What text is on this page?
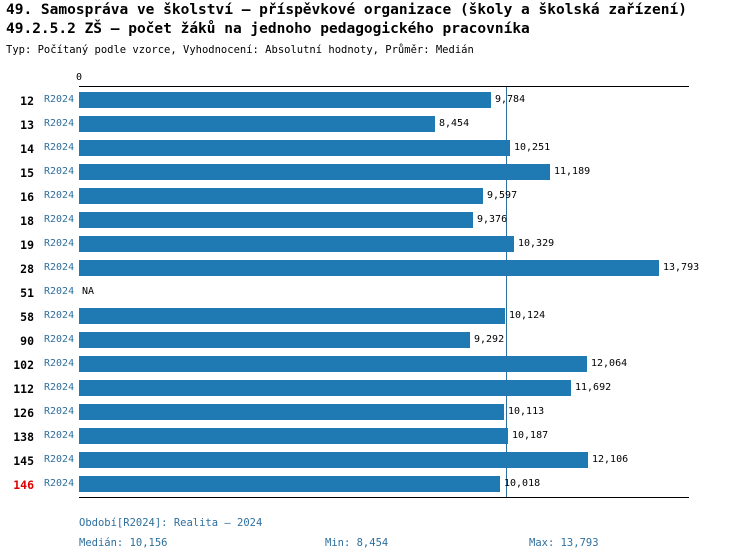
49. Samospráva ve školství – příspěvkové organizace (školy a školská zařízení)
49.2.5.2 ZŠ – počet žáků na jednoho pedagogického pracovníka
Typ: Počítaný podle vzorce, Vyhodnocení: Absolutní hodnoty, Průměr: Medián
0
12 R2024	9,784
13 R2024	8,454
14 R2024	10,251
15 R2024	11,189
16 R2024	9,597
18 R2024	9,376
19 R2024	10,329
28 R2024	13,793
51 R2024 NA
58 R2024	10,124
90 R2024	9,292
102 R2024	12,064
112 R2024	11,692
126 R2024	10,113
138 R2024	10,187
145 R2024	12,106
146 R2024	10,018
Období[R2024]: Realita – 2024
Medián: 10,156	Min: 8,454	Max: 13,793
